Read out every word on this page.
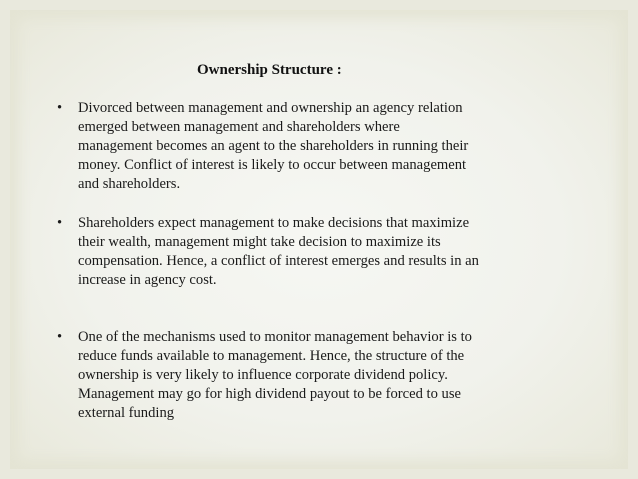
Ownership Structure :
• Divorced between management and ownership an agency relation
emerged between management and shareholders where
management becomes an agent to the shareholders in running their
money. Conflict of interest is likely to occur between management
and shareholders.
• Shareholders expect management to make decisions that maximize
their wealth, management might take decision to maximize its
compensation. Hence, a conflict of interest emerges and results in an
increase in agency cost.
• One of the mechanisms used to monitor management behavior is to
reduce funds available to management. Hence, the structure of the
ownership is very likely to influence corporate dividend policy.
Management may go for high dividend payout to be forced to use
external funding
